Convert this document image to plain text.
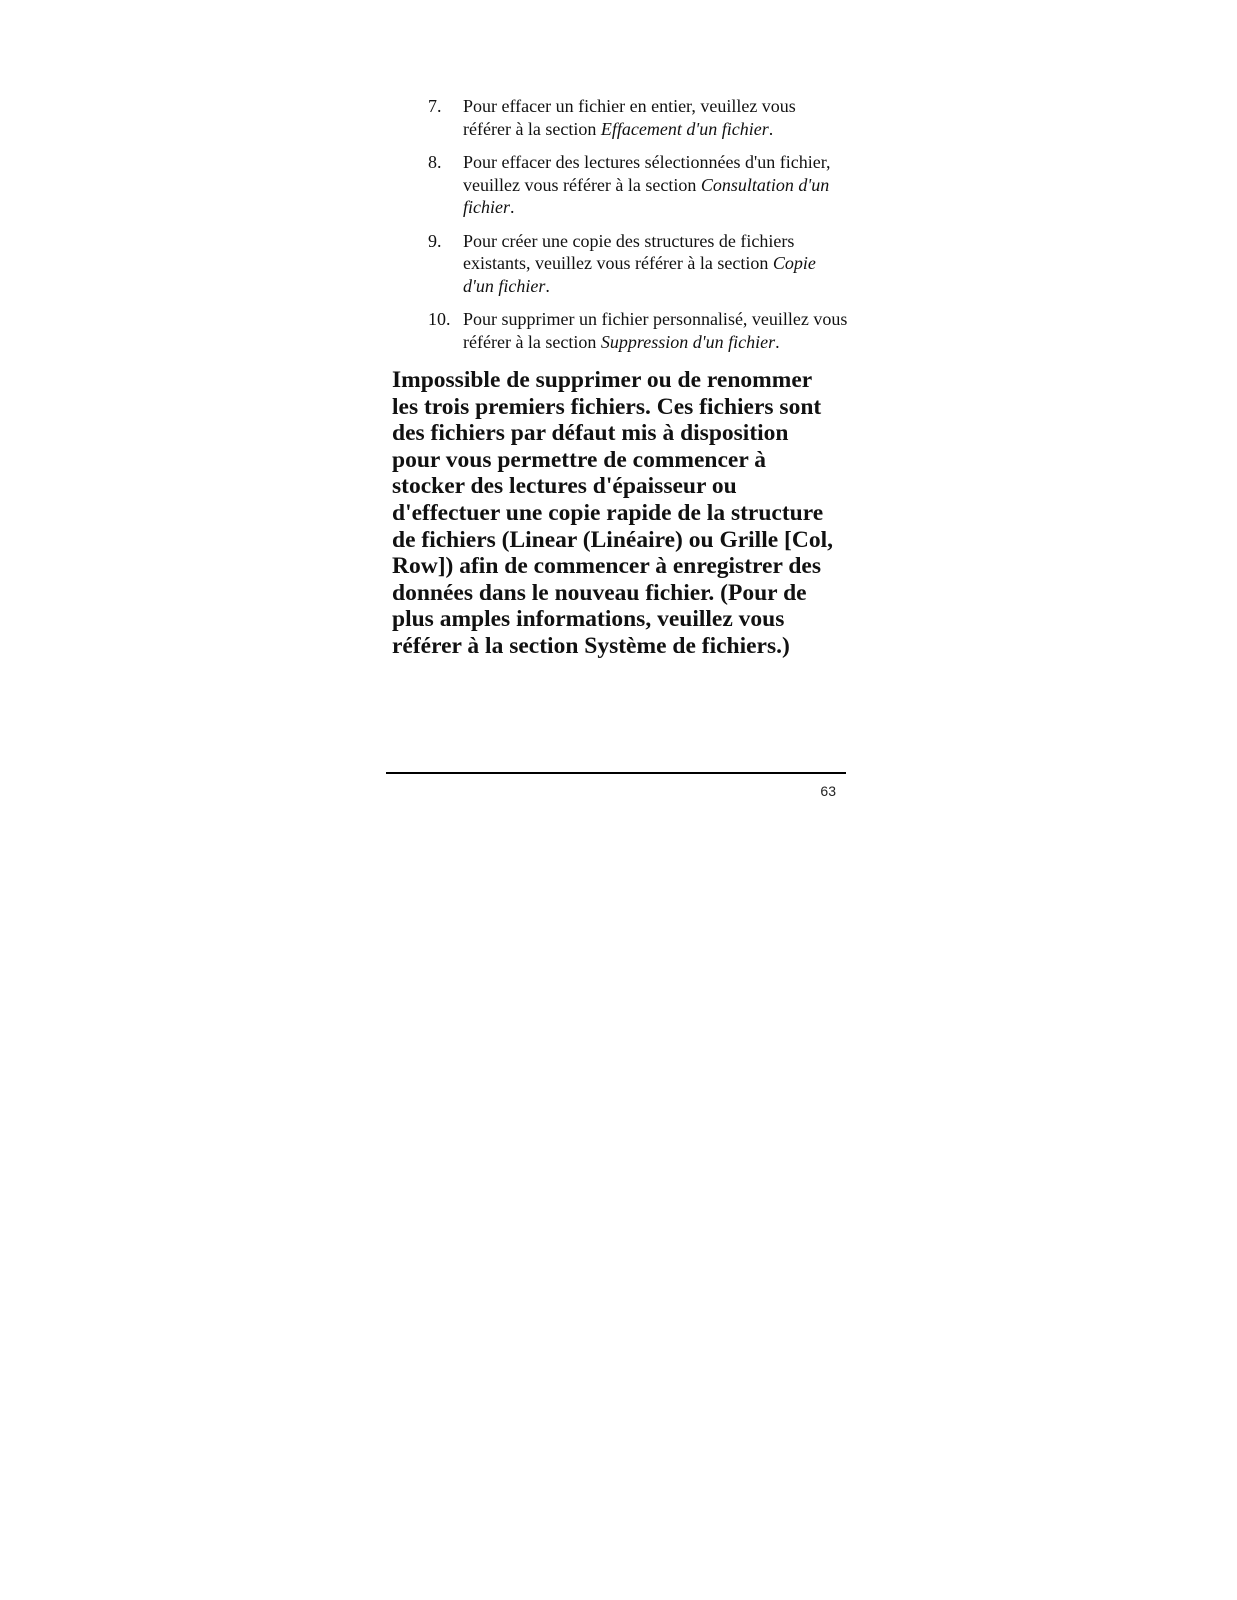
7. Pour effacer un fichier en entier, veuillez vous référer à la section Effacement d'un fichier.
8. Pour effacer des lectures sélectionnées d'un fichier, veuillez vous référer à la section Consultation d'un fichier.
9. Pour créer une copie des structures de fichiers existants, veuillez vous référer à la section Copie d'un fichier.
10. Pour supprimer un fichier personnalisé, veuillez vous référer à la section Suppression d'un fichier.

Impossible de supprimer ou de renommer les trois premiers fichiers. Ces fichiers sont des fichiers par défaut mis à disposition pour vous permettre de commencer à stocker des lectures d'épaisseur ou d'effectuer une copie rapide de la structure de fichiers (Linear (Linéaire) ou Grille [Col, Row]) afin de commencer à enregistrer des données dans le nouveau fichier. (Pour de plus amples informations, veuillez vous référer à la section Système de fichiers.)

63
